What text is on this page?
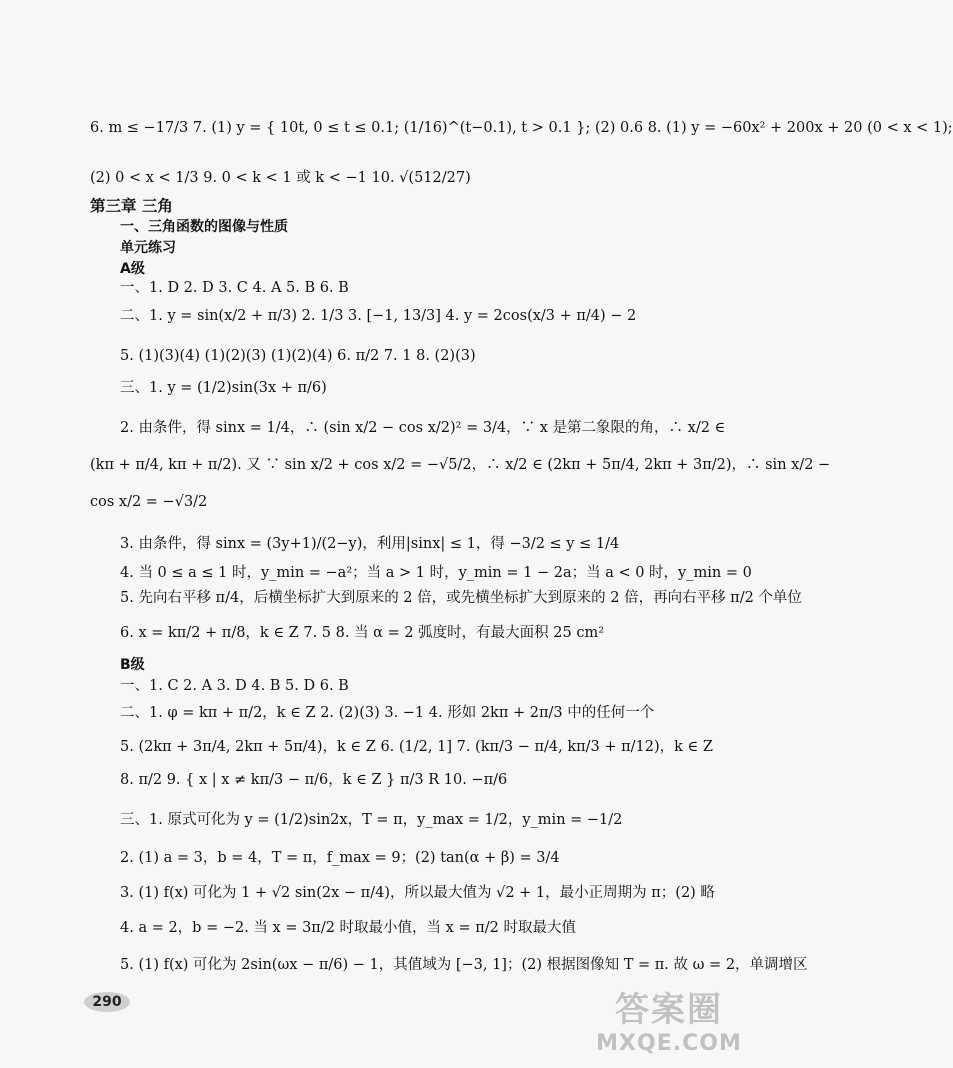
6. m ≤ −17/3 7. (1) y = { 10t, 0 ≤ t ≤ 0.1; (1/16)^(t−0.1), t > 0.1 }; (2) 0.6 8. (1) y = −60x² + 200x + 20 (0 < x < 1);
(2) 0 < x < 1/3 9. 0 < k < 1 或 k < −1 10. √(512/27)
第三章 三角
一、三角函数的图像与性质
单元练习
A级
一、1. D 2. D 3. C 4. A 5. B 6. B
二、1. y = sin(x/2 + π/3) 2. 1/3 3. [−1, 13/3] 4. y = 2cos(x/3 + π/4) − 2
5. (1)(3)(4) (1)(2)(3) (1)(2)(4) 6. π/2 7. 1 8. (2)(3)
三、1. y = (1/2)sin(3x + π/6)
2. 由条件，得 sinx = 1/4，∴ (sin x/2 − cos x/2)² = 3/4，∵ x 是第二象限的角，∴ x/2 ∈
(kπ + π/4, kπ + π/2). 又 ∵ sin x/2 + cos x/2 = −√5/2，∴ x/2 ∈ (2kπ + 5π/4, 2kπ + 3π/2)，∴ sin x/2 −
cos x/2 = −√3/2
3. 由条件，得 sinx = (3y+1)/(2−y)，利用|sinx| ≤ 1，得 −3/2 ≤ y ≤ 1/4
4. 当 0 ≤ a ≤ 1 时，y_min = −a²；当 a > 1 时，y_min = 1 − 2a；当 a < 0 时，y_min = 0
5. 先向右平移 π/4，后横坐标扩大到原来的 2 倍，或先横坐标扩大到原来的 2 倍，再向右平移 π/2 个单位
6. x = kπ/2 + π/8，k ∈ Z 7. 5 8. 当 α = 2 弧度时，有最大面积 25 cm²
B级
一、1. C 2. A 3. D 4. B 5. D 6. B
二、1. φ = kπ + π/2，k ∈ Z 2. (2)(3) 3. −1 4. 形如 2kπ + 2π/3 中的任何一个
5. (2kπ + 3π/4, 2kπ + 5π/4)，k ∈ Z 6. (1/2, 1] 7. (kπ/3 − π/4, kπ/3 + π/12)，k ∈ Z
8. π/2 9. { x | x ≠ kπ/3 − π/6，k ∈ Z } π/3 R 10. −π/6
三、1. 原式可化为 y = (1/2)sin2x，T = π，y_max = 1/2，y_min = −1/2
2. (1) a = 3，b = 4，T = π，f_max = 9；(2) tan(α + β) = 3/4
3. (1) f(x) 可化为 1 + √2 sin(2x − π/4)，所以最大值为 √2 + 1，最小正周期为 π；(2) 略
4. a = 2，b = −2. 当 x = 3π/2 时取最小值，当 x = π/2 时取最大值
5. (1) f(x) 可化为 2sin(ωx − π/6) − 1，其值域为 [−3, 1]；(2) 根据图像知 T = π. 故 ω = 2，单调增区
290	答案圈
MXQE.COM
